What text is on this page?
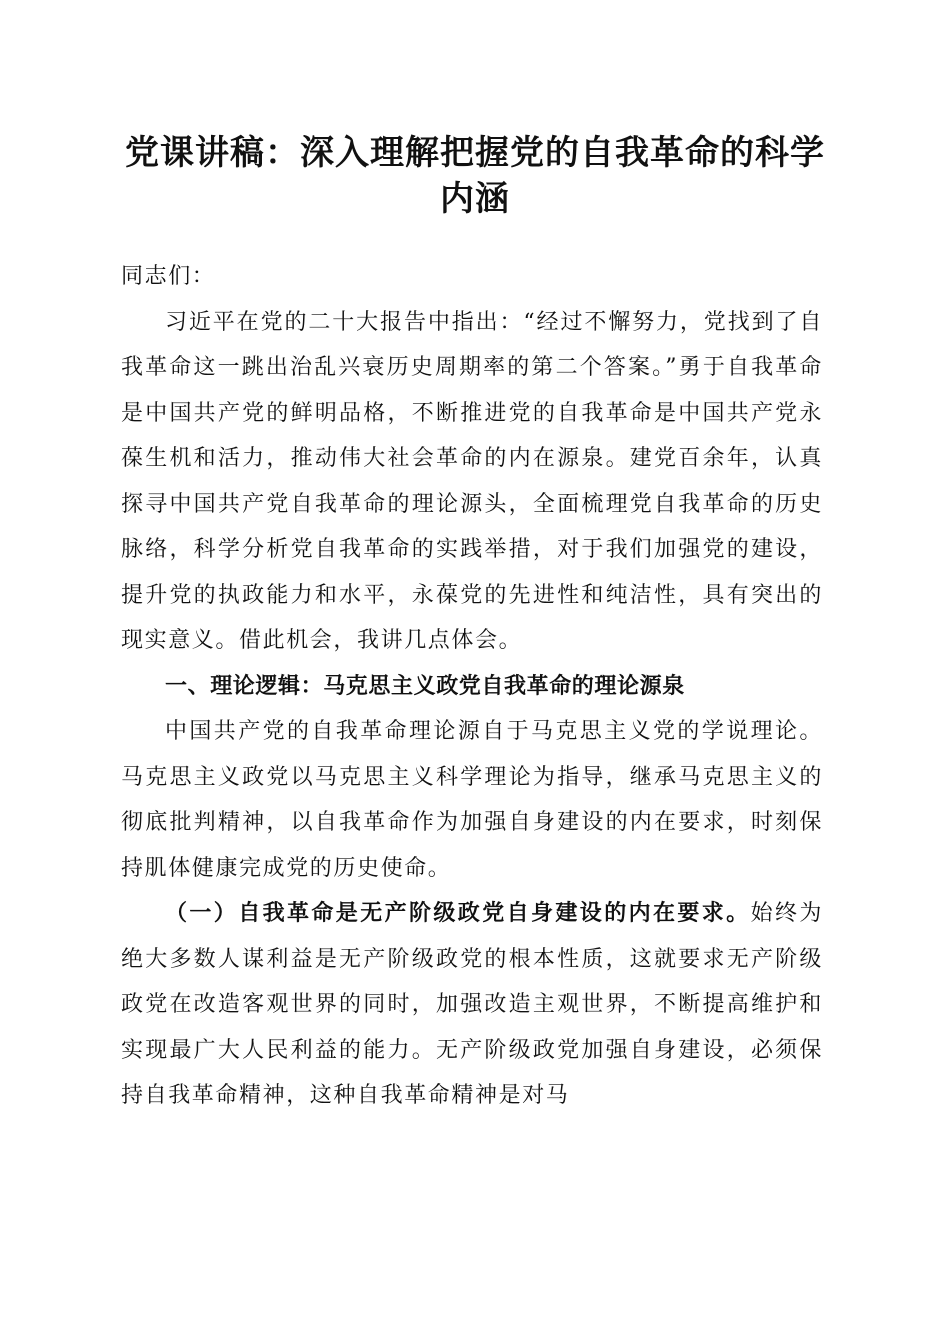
党课讲稿：深入理解把握党的自我革命的科学
内涵

同志们：

习近平在党的二十大报告中指出：“经过不懈努力，党找到了自我革命这一跳出治乱兴衰历史周期率的第二个答案。”勇于自我革命是中国共产党的鲜明品格，不断推进党的自我革命是中国共产党永葆生机和活力，推动伟大社会革命的内在源泉。建党百余年，认真探寻中国共产党自我革命的理论源头，全面梳理党自我革命的历史脉络，科学分析党自我革命的实践举措，对于我们加强党的建设，提升党的执政能力和水平，永葆党的先进性和纯洁性，具有突出的现实意义。借此机会，我讲几点体会。

一、理论逻辑：马克思主义政党自我革命的理论源泉

中国共产党的自我革命理论源自于马克思主义党的学说理论。马克思主义政党以马克思主义科学理论为指导，继承马克思主义的彻底批判精神，以自我革命作为加强自身建设的内在要求，时刻保持肌体健康完成党的历史使命。

（一）自我革命是无产阶级政党自身建设的内在要求。始终为绝大多数人谋利益是无产阶级政党的根本性质，这就要求无产阶级政党在改造客观世界的同时，加强改造主观世界，不断提高维护和实现最广大人民利益的能力。无产阶级政党加强自身建设，必须保持自我革命精神，这种自我革命精神是对马
